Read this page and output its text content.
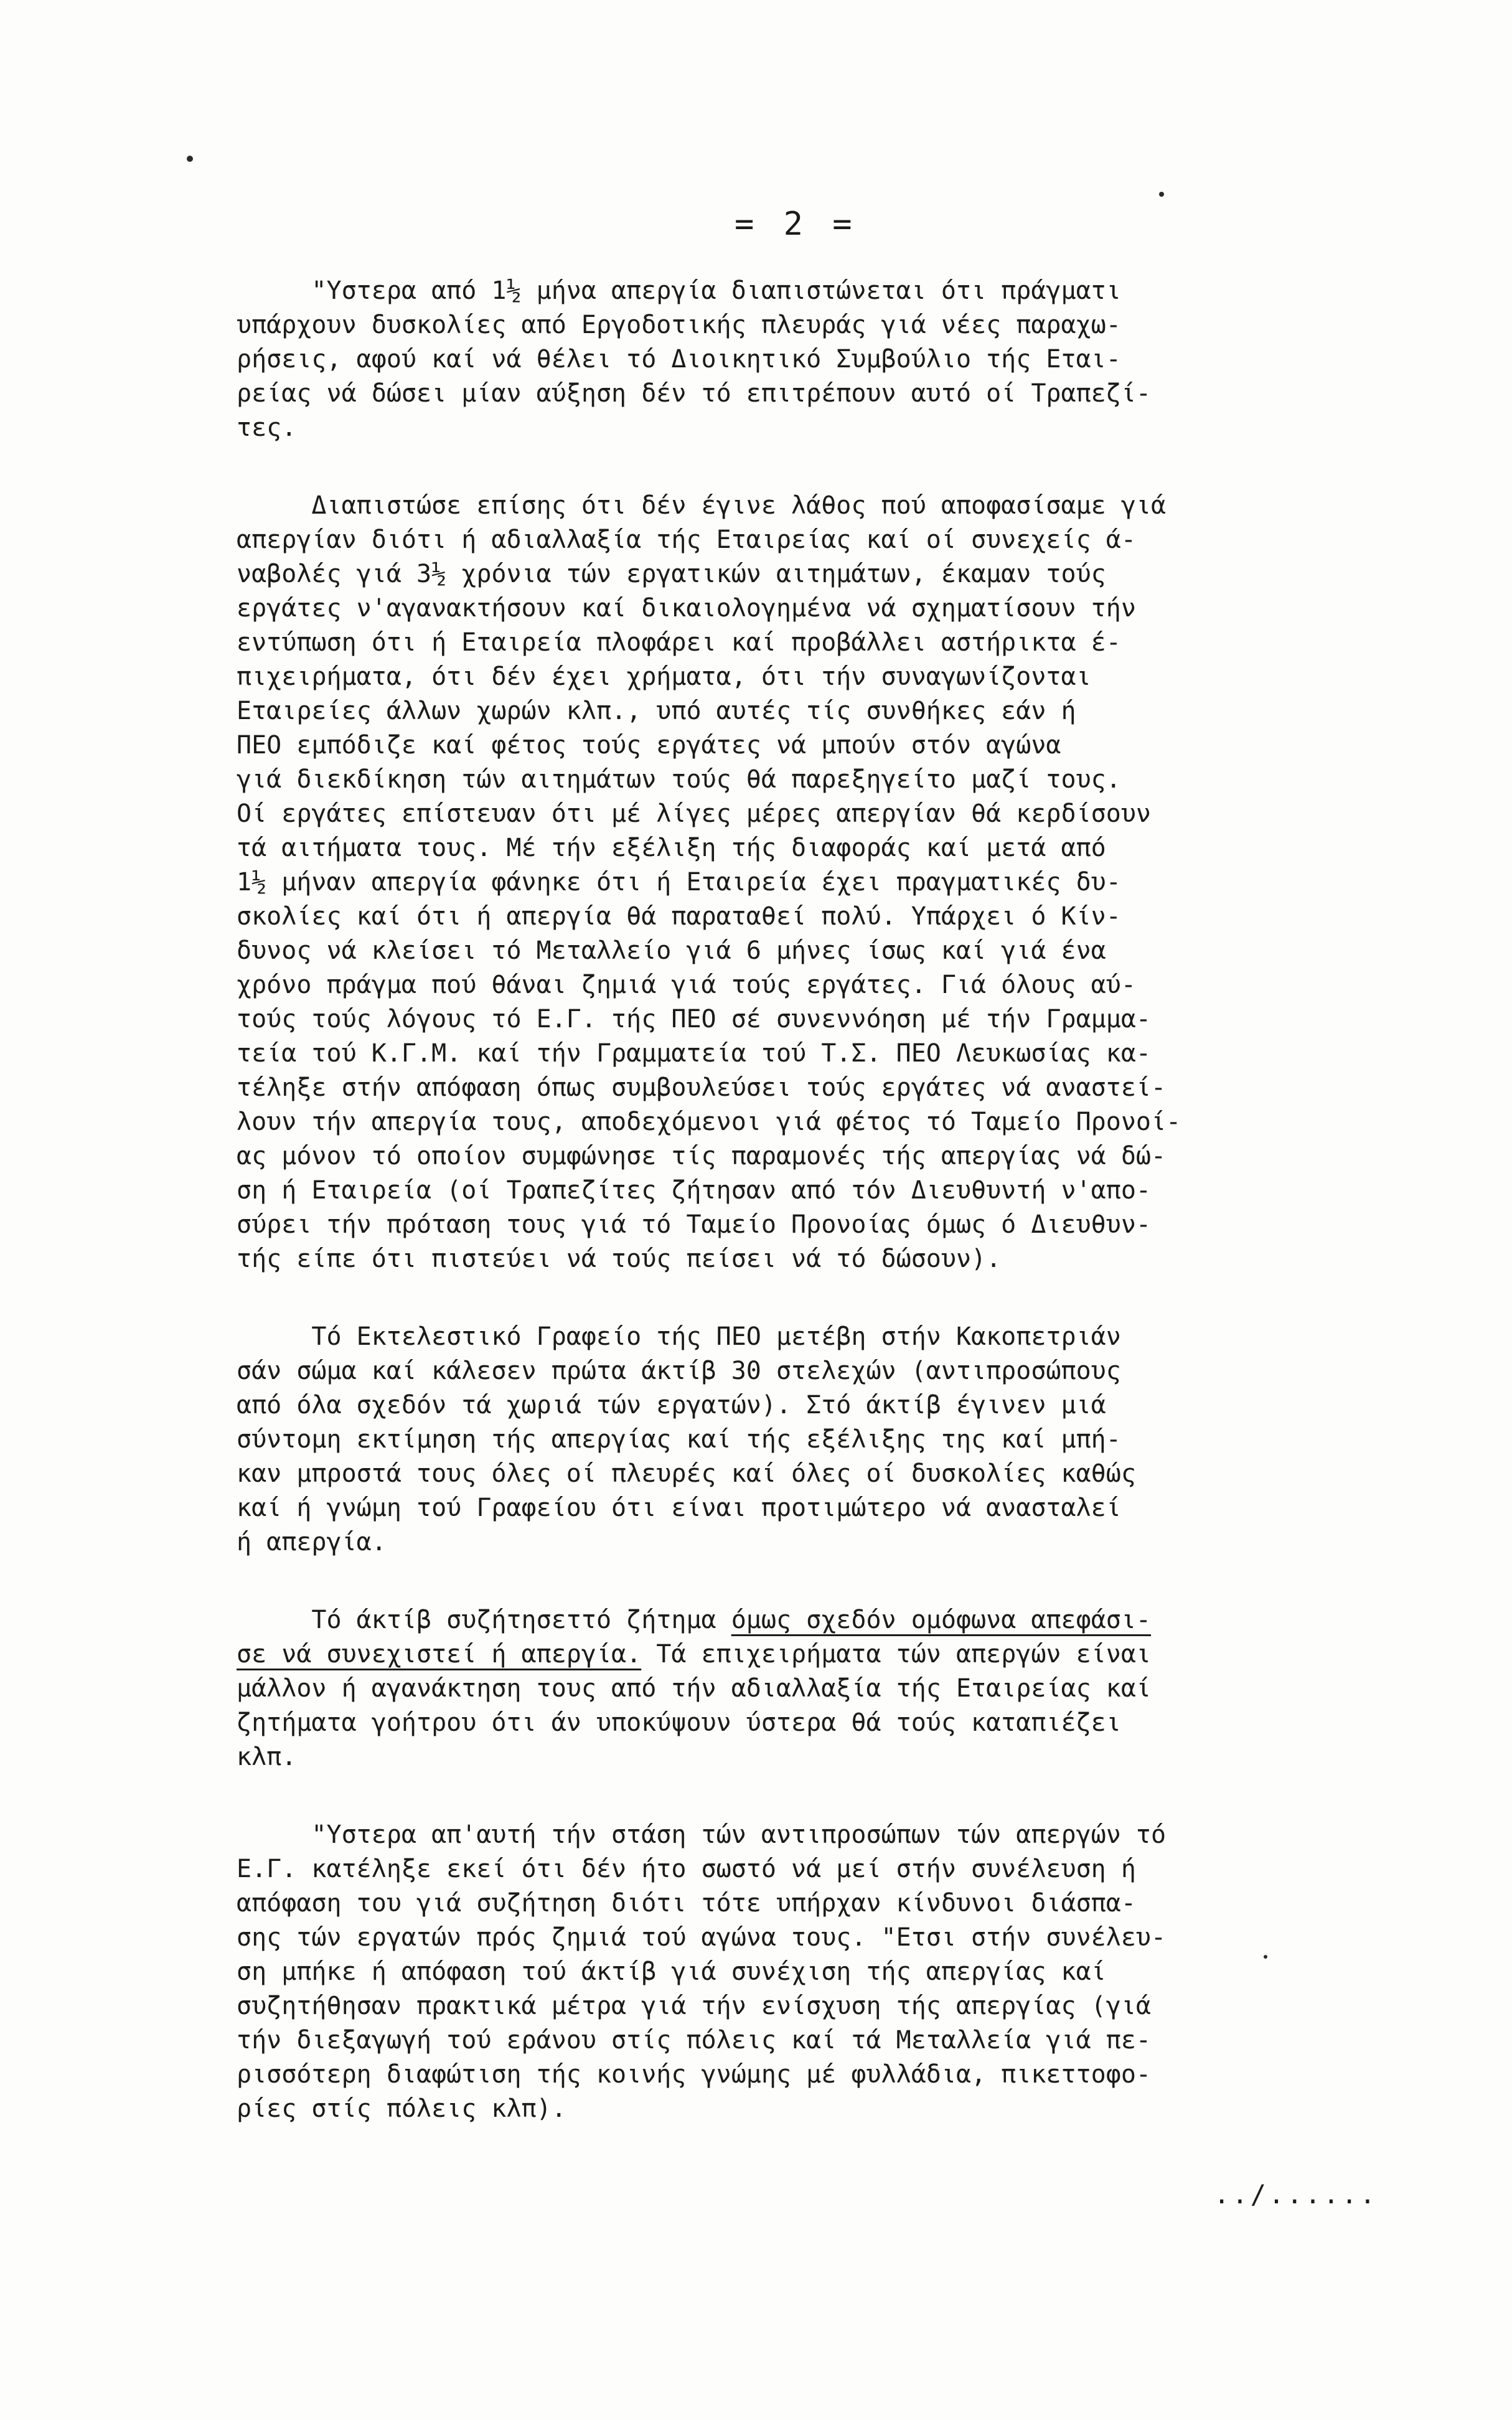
= 2 =

"Υστερα από 1½ μήνα απεργία διαπιστώνεται ότι πράγματι
υπάρχουν δυσκολίες από Εργοδοτικής πλευράς γιά νέες παραχω-
ρήσεις, αφού καί νά θέλει τό Διοικητικό Συμβούλιο τής Εται-
ρείας νά δώσει μίαν αύξηση δέν τό επιτρέπουν αυτό οί Τραπεζί-
τες.

Διαπιστώσε επίσης ότι δέν έγινε λάθος πού αποφασίσαμε γιά
απεργίαν διότι ή αδιαλλαξία τής Εταιρείας καί οί συνεχείς ά-
ναβολές γιά 3½ χρόνια τών εργατικών αιτημάτων, έκαμαν τούς
εργάτες ν'αγανακτήσουν καί δικαιολογημένα νά σχηματίσουν τήν
εντύπωση ότι ή Εταιρεία πλοφάρει καί προβάλλει αστήρικτα έ-
πιχειρήματα, ότι δέν έχει χρήματα, ότι τήν συναγωνίζονται
Εταιρείες άλλων χωρών κλπ., υπό αυτές τίς συνθήκες εάν ή
ΠΕΟ εμπόδιζε καί φέτος τούς εργάτες νά μπούν στόν αγώνα
γιά διεκδίκηση τών αιτημάτων τούς θά παρεξηγείτο μαζί τους.
Οί εργάτες επίστευαν ότι μέ λίγες μέρες απεργίαν θά κερδίσουν
τά αιτήματα τους. Μέ τήν εξέλιξη τής διαφοράς καί μετά από
1½ μήναν απεργία φάνηκε ότι ή Εταιρεία έχει πραγματικές δυ-
σκολίες καί ότι ή απεργία θά παραταθεί πολύ. Υπάρχει ό Κίν-
δυνος νά κλείσει τό Μεταλλείο γιά 6 μήνες ίσως καί γιά ένα
χρόνο πράγμα πού θάναι ζημιά γιά τούς εργάτες. Γιά όλους αύ-
τούς τούς λόγους τό Ε.Γ. τής ΠΕΟ σέ συνεννόηση μέ τήν Γραμμα-
τεία τού Κ.Γ.Μ. καί τήν Γραμματεία τού Τ.Σ. ΠΕΟ Λευκωσίας κα-
τέληξε στήν απόφαση όπως συμβουλεύσει τούς εργάτες νά αναστεί-
λουν τήν απεργία τους, αποδεχόμενοι γιά φέτος τό Ταμείο Προνοί-
ας μόνον τό οποίον συμφώνησε τίς παραμονές τής απεργίας νά δώ-
ση ή Εταιρεία (οί Τραπεζίτες ζήτησαν από τόν Διευθυντή ν'απο-
σύρει τήν πρόταση τους γιά τό Ταμείο Προνοίας όμως ό Διευθυν-
τής είπε ότι πιστεύει νά τούς πείσει νά τό δώσουν).

Τό Εκτελεστικό Γραφείο τής ΠΕΟ μετέβη στήν Κακοπετριάν
σάν σώμα καί κάλεσεν πρώτα άκτίβ 30 στελεχών (αντιπροσώπους
από όλα σχεδόν τά χωριά τών εργατών). Στό άκτίβ έγινεν μιά
σύντομη εκτίμηση τής απεργίας καί τής εξέλιξης της καί μπή-
καν μπροστά τους όλες οί πλευρές καί όλες οί δυσκολίες καθώς
καί ή γνώμη τού Γραφείου ότι είναι προτιμώτερο νά ανασταλεί
ή απεργία.

Τό άκτίβ συζήτησεττό ζήτημα όμως σχεδόν ομόφωνα απεφάσι-
σε νά συνεχιστεί ή απεργία. Τά επιχειρήματα τών απεργών είναι
μάλλον ή αγανάκτηση τους από τήν αδιαλλαξία τής Εταιρείας καί
ζητήματα γοήτρου ότι άν υποκύψουν ύστερα θά τούς καταπιέζει
κλπ.

"Υστερα απ'αυτή τήν στάση τών αντιπροσώπων τών απεργών τό
Ε.Γ. κατέληξε εκεί ότι δέν ήτο σωστό νά μεί στήν συνέλευση ή
απόφαση του γιά συζήτηση διότι τότε υπήρχαν κίνδυνοι διάσπα-
σης τών εργατών πρός ζημιά τού αγώνα τους. "Ετσι στήν συνέλευ-
ση μπήκε ή απόφαση τού άκτίβ γιά συνέχιση τής απεργίας καί
συζητήθησαν πρακτικά μέτρα γιά τήν ενίσχυση τής απεργίας (γιά
τήν διεξαγωγή τού εράνου στίς πόλεις καί τά Μεταλλεία γιά πε-
ρισσότερη διαφώτιση τής κοινής γνώμης μέ φυλλάδια, πικεττοφο-
ρίες στίς πόλεις κλπ).

../......
